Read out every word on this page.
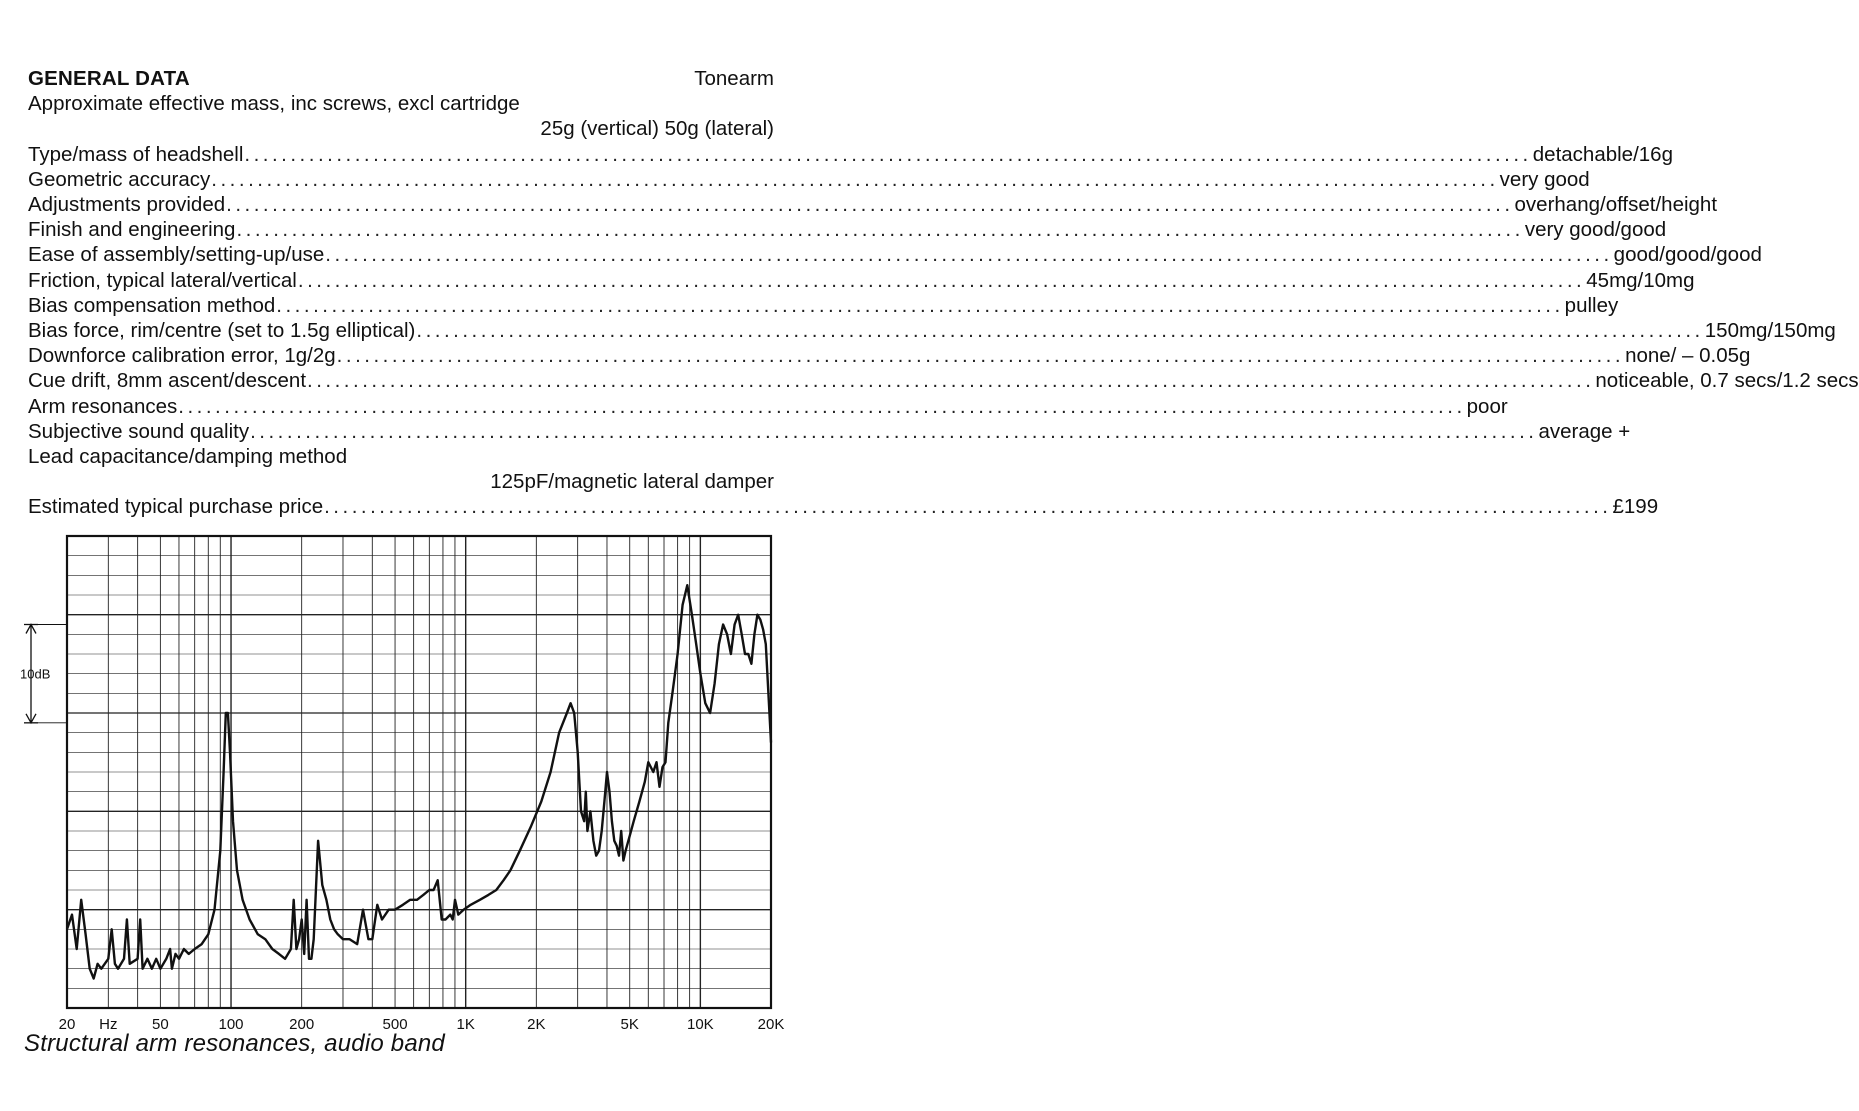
GENERAL DATA	Tonearm
Approximate effective mass, inc screws, excl cartridge
25g (vertical) 50g (lateral)
Type/mass of headshell ............................................................................................................................................ detachable/16g
Geometric accuracy ............................................................................................................................................ very good
Adjustments provided ............................................................................................................................................ overhang/offset/height
Finish and engineering ............................................................................................................................................ very good/good
Ease of assembly/setting-up/use ............................................................................................................................................ good/good/good
Friction, typical lateral/vertical ............................................................................................................................................ 45mg/10mg
Bias compensation method ............................................................................................................................................ pulley
Bias force, rim/centre (set to 1.5g elliptical) ............................................................................................................................................ 150mg/150mg
Downforce calibration error, 1g/2g ............................................................................................................................................ none/ – 0.05g
Cue drift, 8mm ascent/descent ............................................................................................................................................ noticeable, 0.7 secs/1.2 secs
Arm resonances ............................................................................................................................................ poor
Subjective sound quality ............................................................................................................................................ average +
Lead capacitance/damping method
125pF/magnetic lateral damper
Estimated typical purchase price ............................................................................................................................................ £199
10dB
20 Hz 50	100	200	500	1K	2K	5K	10K	20K
Structural arm resonances, audio band
